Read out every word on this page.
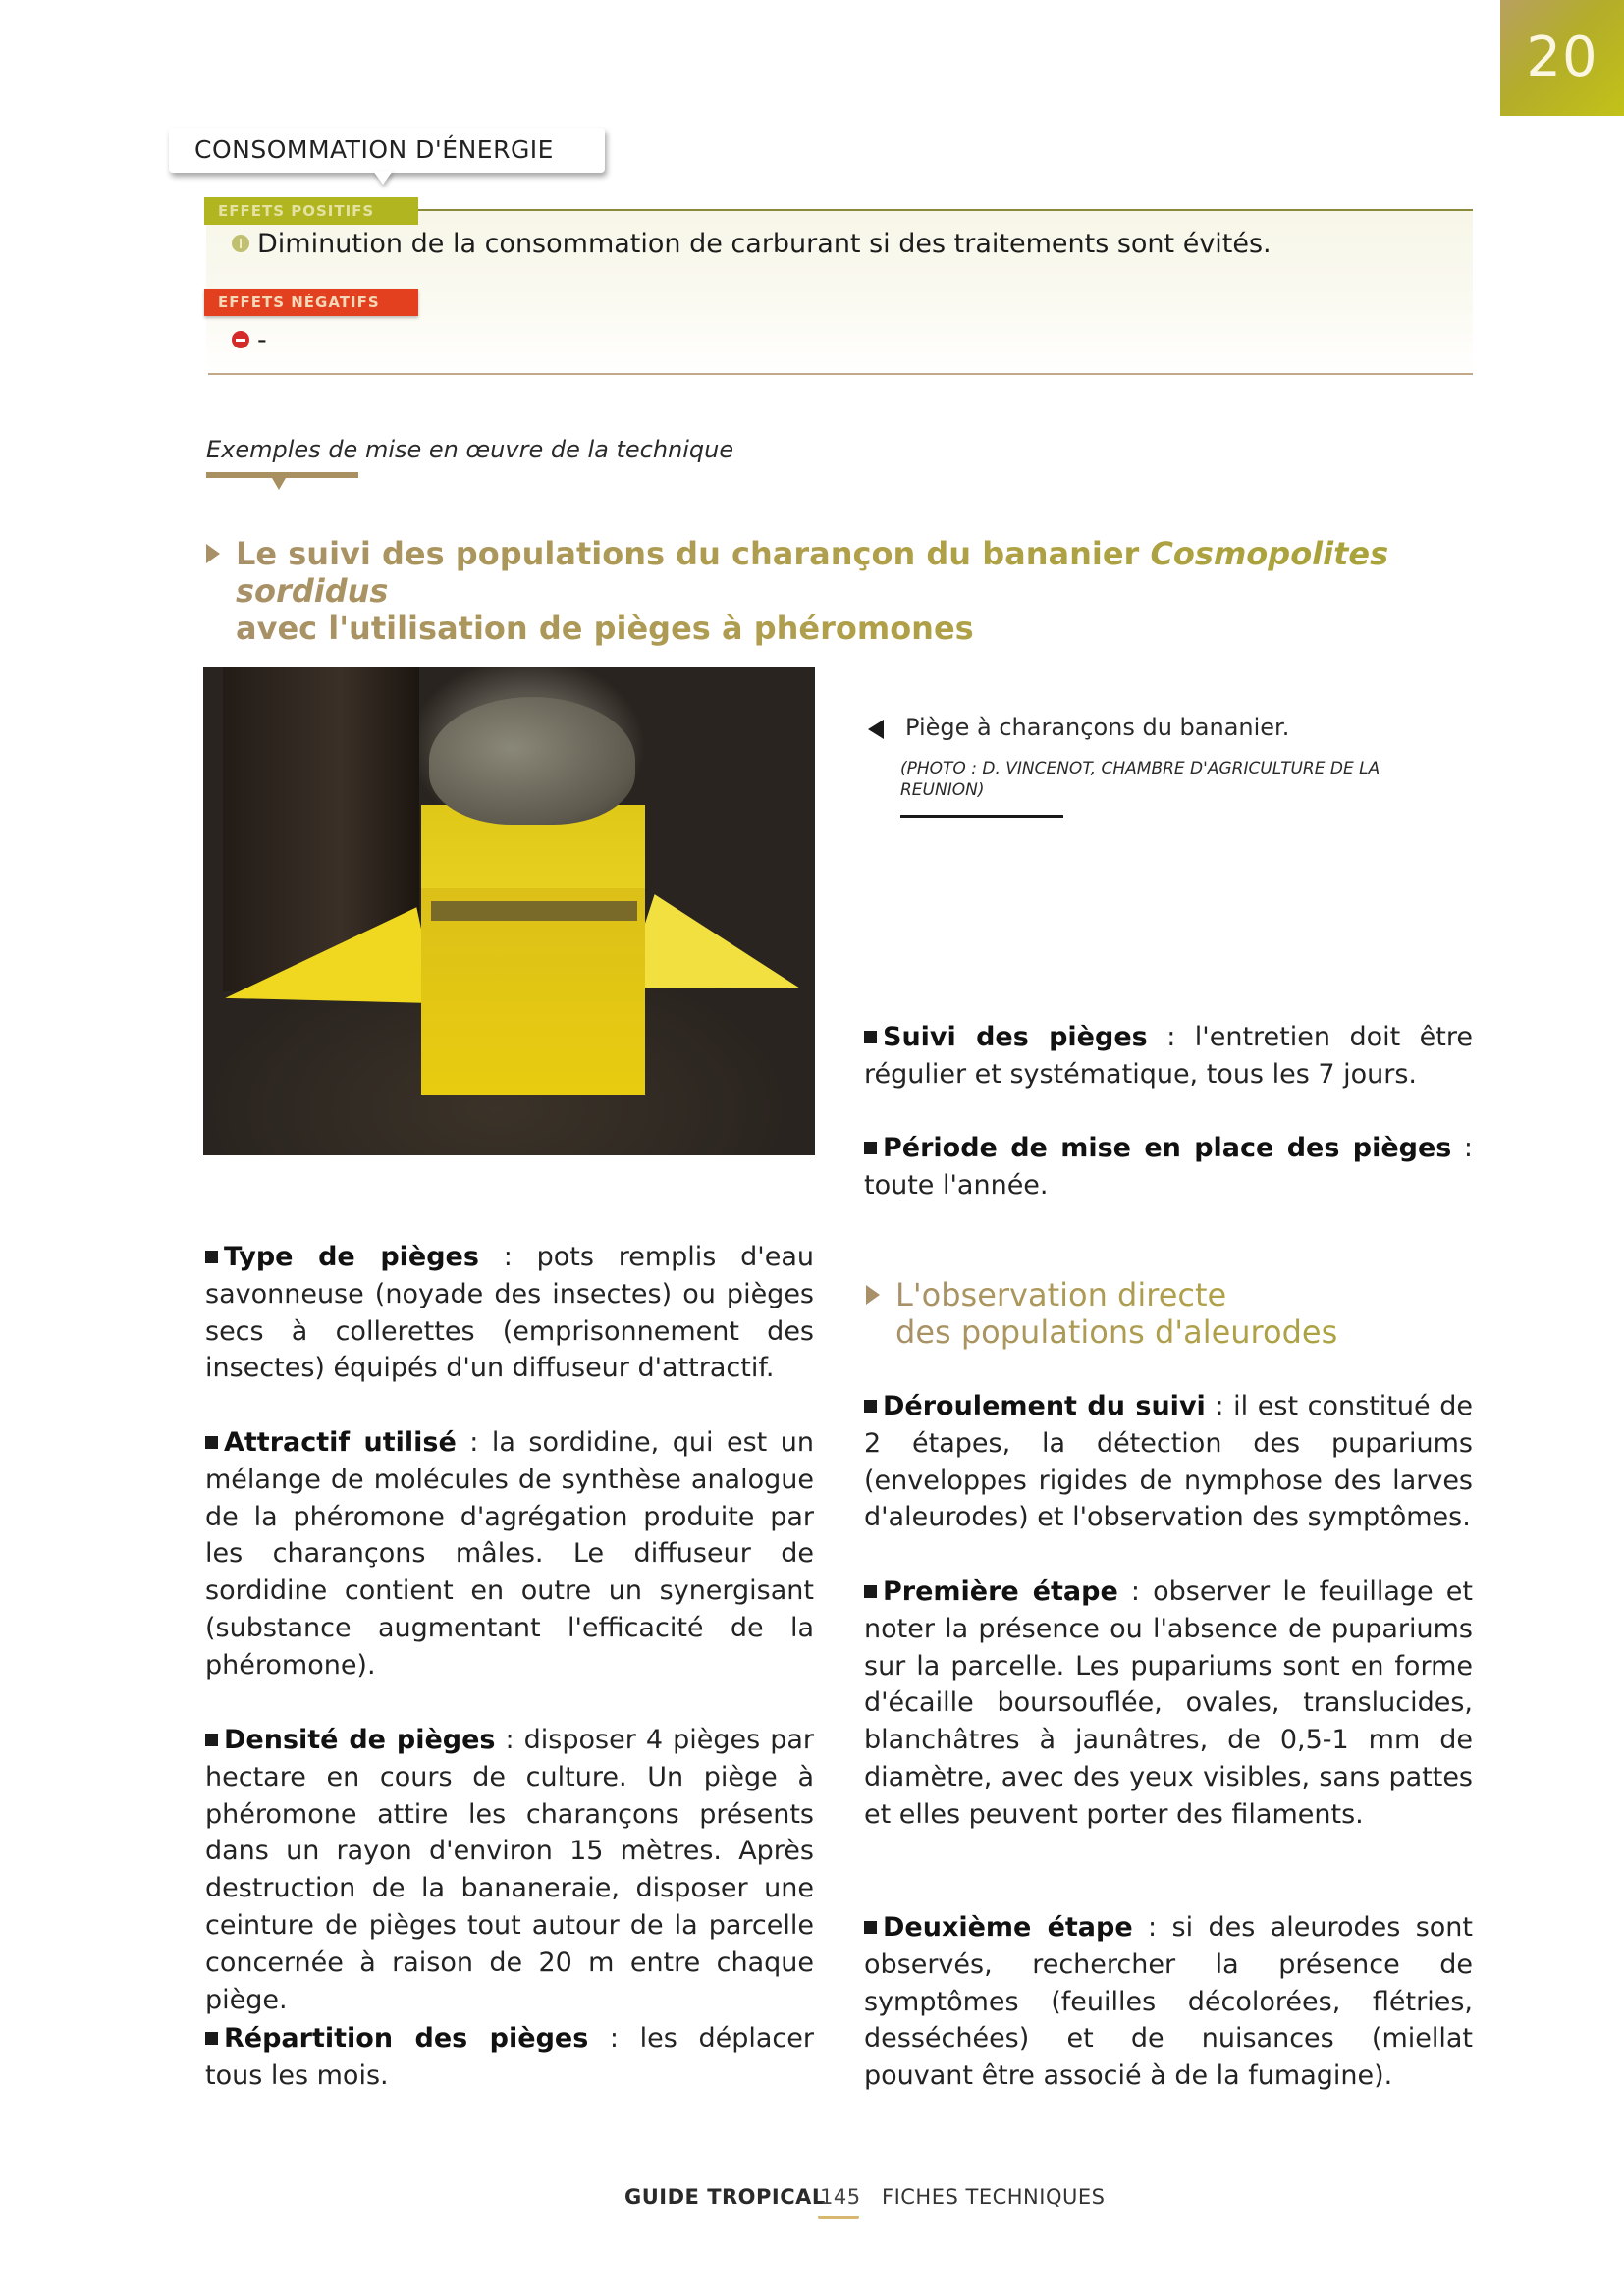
20
CONSOMMATION D'ÉNERGIE
EFFETS POSITIFS
Diminution de la consommation de carburant si des traitements sont évités.
EFFETS NÉGATIFS
-
Exemples de mise en œuvre de la technique
Le suivi des populations du charançon du bananier Cosmopolites sordidus
avec l'utilisation de pièges à phéromones
Piège à charançons du bananier.
(PHOTO : D. VINCENOT, CHAMBRE D'AGRICULTURE DE LA REUNION)
Type de pièges : pots remplis d'eau savonneuse (noyade des insectes) ou pièges secs à collerettes (emprisonnement des insectes) équipés d'un diffuseur d'attractif.
Attractif utilisé : la sordidine, qui est un mélange de molécules de synthèse analogue de la phéromone d'agrégation produite par les charançons mâles. Le diffuseur de sordidine contient en outre un synergisant (substance augmentant l'efficacité de la phéromone).
Densité de pièges : disposer 4 pièges par hectare en cours de culture. Un piège à phéromone attire les charançons présents dans un rayon d'environ 15 mètres. Après destruction de la bananeraie, disposer une ceinture de pièges tout autour de la parcelle concernée à raison de 20 m entre chaque piège.
Répartition des pièges : les déplacer tous les mois.
Suivi des pièges : l'entretien doit être régulier et systématique, tous les 7 jours.
Période de mise en place des pièges : toute l'année.
L'observation directe
des populations d'aleurodes
Déroulement du suivi : il est constitué de 2 étapes, la détection des pupariums (enveloppes rigides de nymphose des larves d'aleurodes) et l'observation des symptômes.
Première étape : observer le feuillage et noter la présence ou l'absence de pupariums sur la parcelle. Les pupariums sont en forme d'écaille boursouflée, ovales, translucides, blanchâtres à jaunâtres, de 0,5-1 mm de diamètre, avec des yeux visibles, sans pattes et elles peuvent porter des filaments.
Deuxième étape : si des aleurodes sont observés, rechercher la présence de symptômes (feuilles décolorées, flétries, desséchées) et de nuisances (miellat pouvant être associé à de la fumagine).
GUIDE TROPICAL
145 FICHES TECHNIQUES
